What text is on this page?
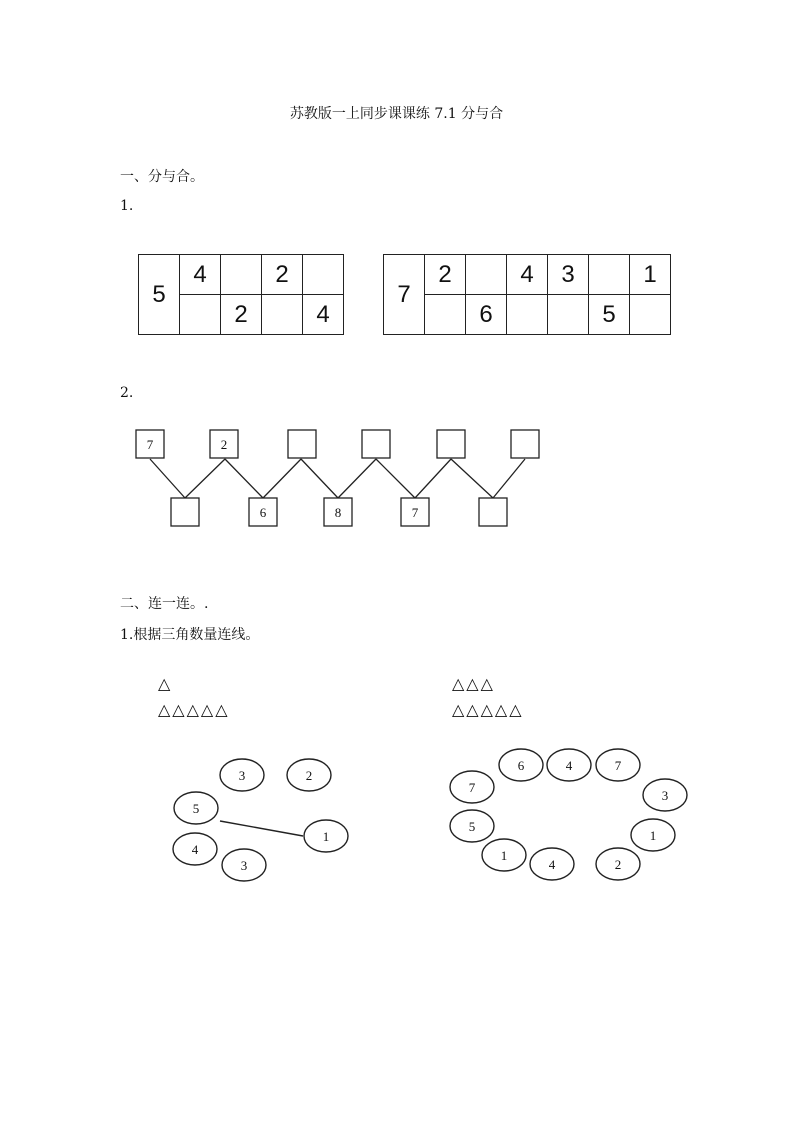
苏教版一上同步课课练 7.1 分与合
一、分与合。
1.
5	4		2	
		2		4
7	2		4	3		1
		6			5	
2.
7	2
6	8	7
二、连一连。.
1.根据三角数量连线。
△
△△△△△
△△△
△△△△△
3	2
5
1
4
3
6	4	7
7
3
5
1
1
4	2
